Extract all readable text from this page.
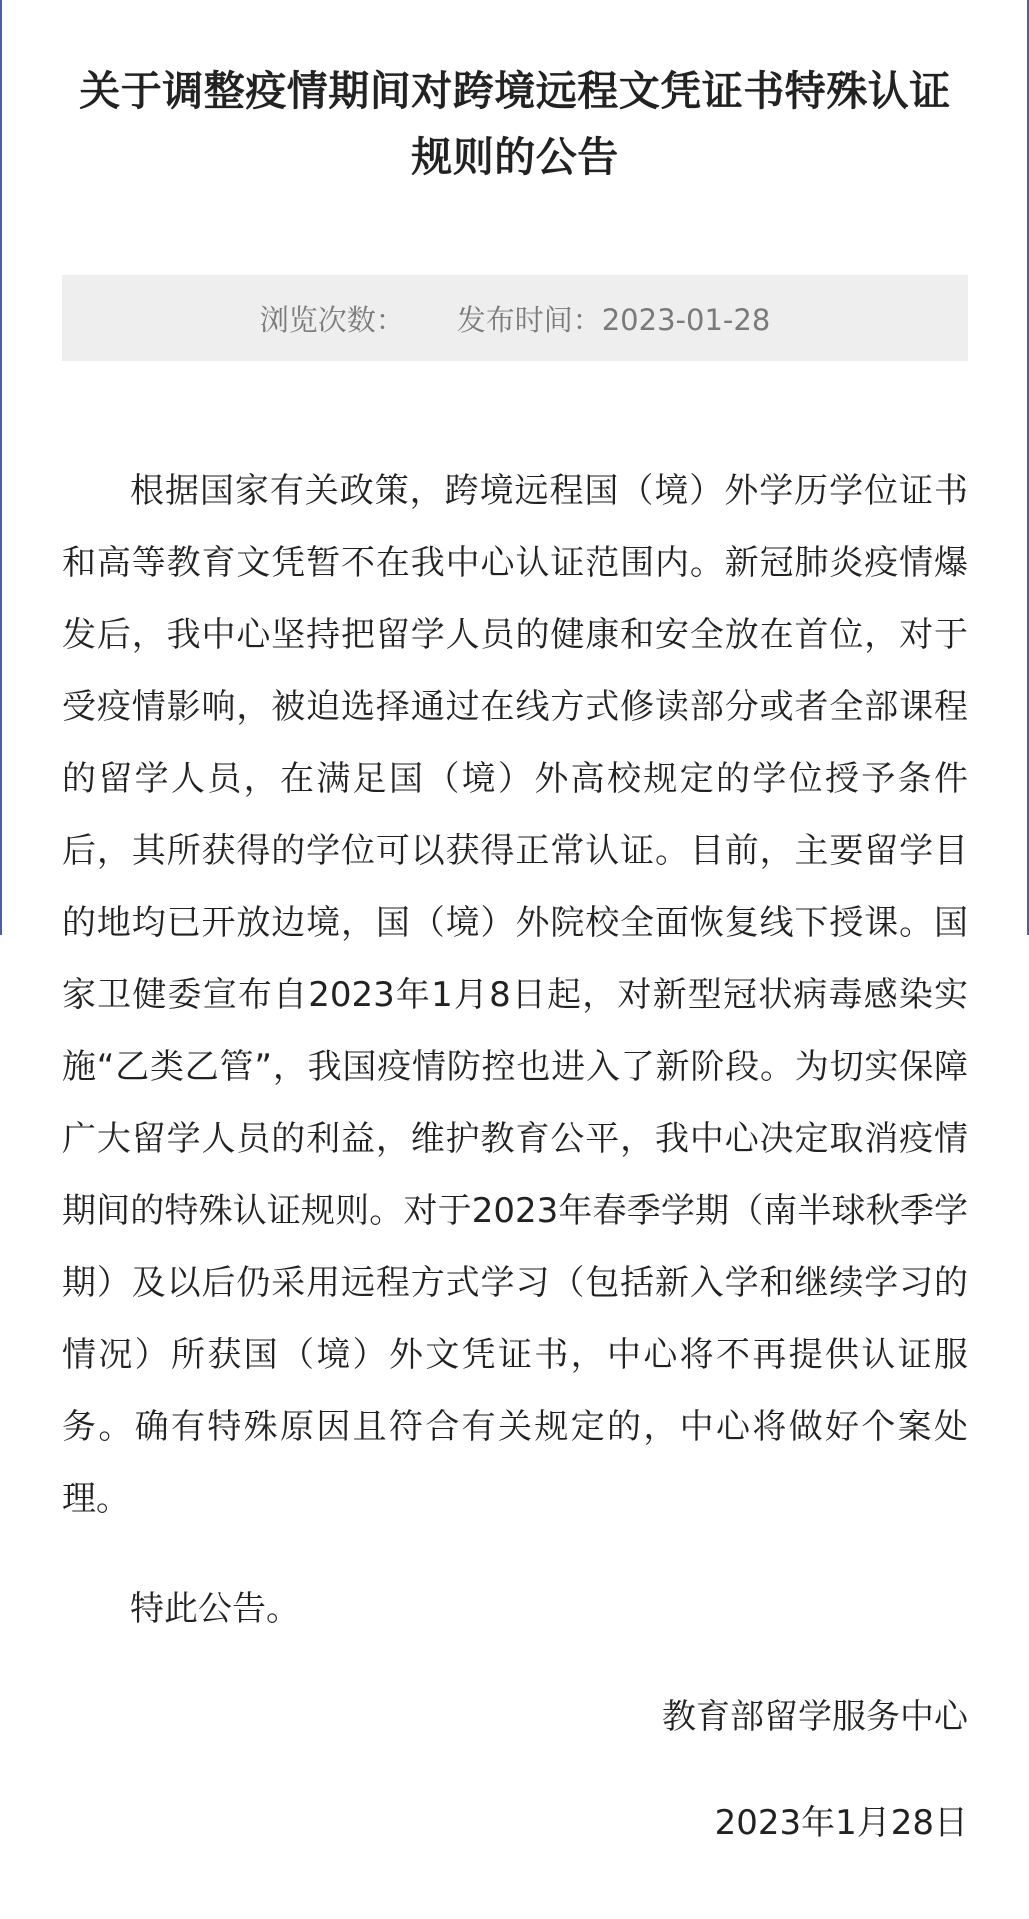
关于调整疫情期间对跨境远程文凭证书特殊认证规则的公告
浏览次数： 发布时间：2023-01-28

根据国家有关政策，跨境远程国（境）外学历学位证书和高等教育文凭暂不在我中心认证范围内。新冠肺炎疫情爆发后，我中心坚持把留学人员的健康和安全放在首位，对于受疫情影响，被迫选择通过在线方式修读部分或者全部课程的留学人员，在满足国（境）外高校规定的学位授予条件后，其所获得的学位可以获得正常认证。目前，主要留学目的地均已开放边境，国（境）外院校全面恢复线下授课。国家卫健委宣布自2023年1月8日起，对新型冠状病毒感染实施“乙类乙管”，我国疫情防控也进入了新阶段。为切实保障广大留学人员的利益，维护教育公平，我中心决定取消疫情期间的特殊认证规则。对于2023年春季学期（南半球秋季学期）及以后仍采用远程方式学习（包括新入学和继续学习的情况）所获国（境）外文凭证书，中心将不再提供认证服务。确有特殊原因且符合有关规定的，中心将做好个案处理。

特此公告。

教育部留学服务中心
2023年1月28日
